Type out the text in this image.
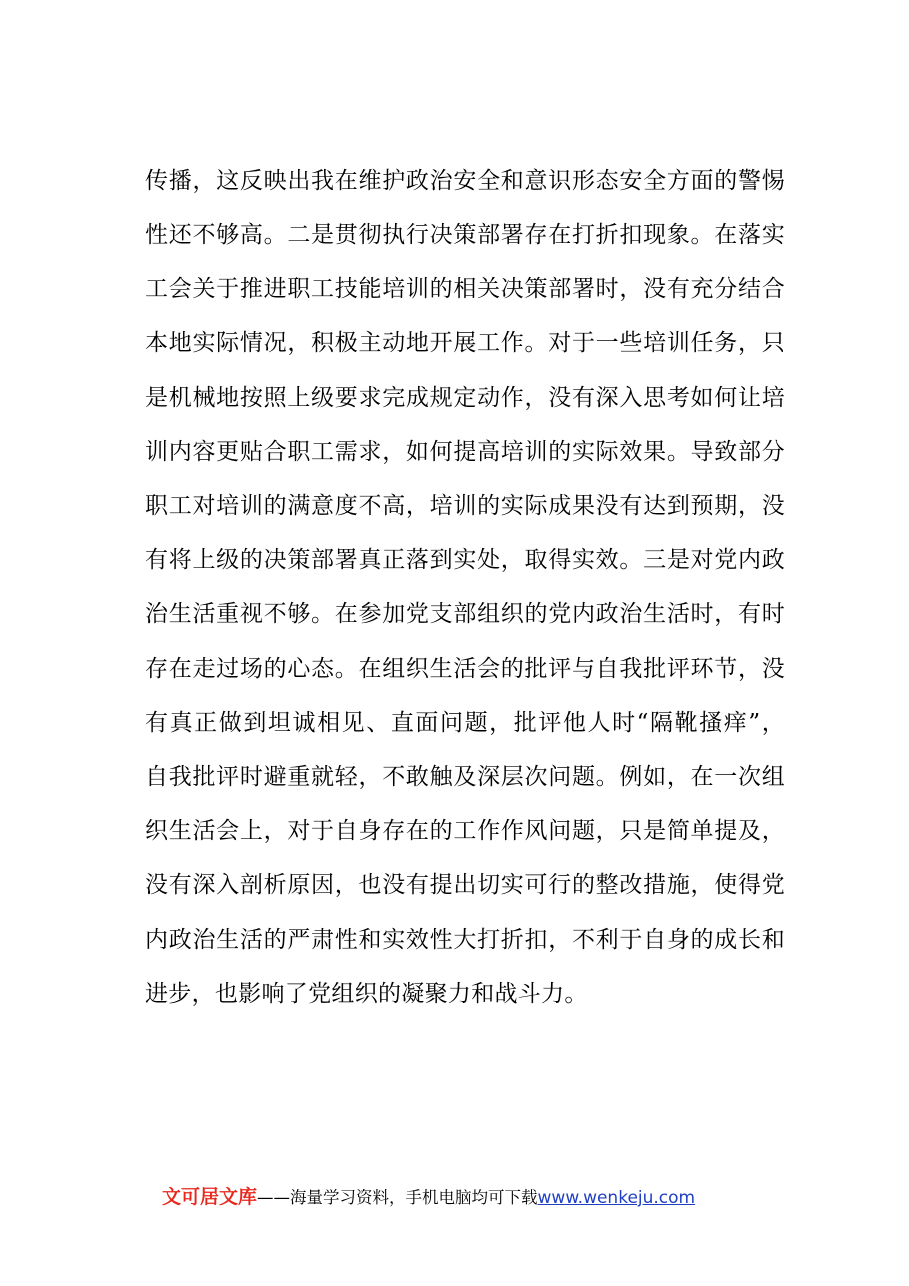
传播，这反映出我在维护政治安全和意识形态安全方面的警惕
性还不够高。二是贯彻执行决策部署存在打折扣现象。在落实
工会关于推进职工技能培训的相关决策部署时，没有充分结合
本地实际情况，积极主动地开展工作。对于一些培训任务，只
是机械地按照上级要求完成规定动作，没有深入思考如何让培
训内容更贴合职工需求，如何提高培训的实际效果。导致部分
职工对培训的满意度不高，培训的实际成果没有达到预期，没
有将上级的决策部署真正落到实处，取得实效。三是对党内政
治生活重视不够。在参加党支部组织的党内政治生活时，有时
存在走过场的心态。在组织生活会的批评与自我批评环节，没
有真正做到坦诚相见、直面问题，批评他人时“隔靴搔痒”，
自我批评时避重就轻，不敢触及深层次问题。例如，在一次组
织生活会上，对于自身存在的工作作风问题，只是简单提及，
没有深入剖析原因，也没有提出切实可行的整改措施，使得党
内政治生活的严肃性和实效性大打折扣，不利于自身的成长和
进步，也影响了党组织的凝聚力和战斗力。
文可居文库——海量学习资料，手机电脑均可下载www.wenkeju.com
